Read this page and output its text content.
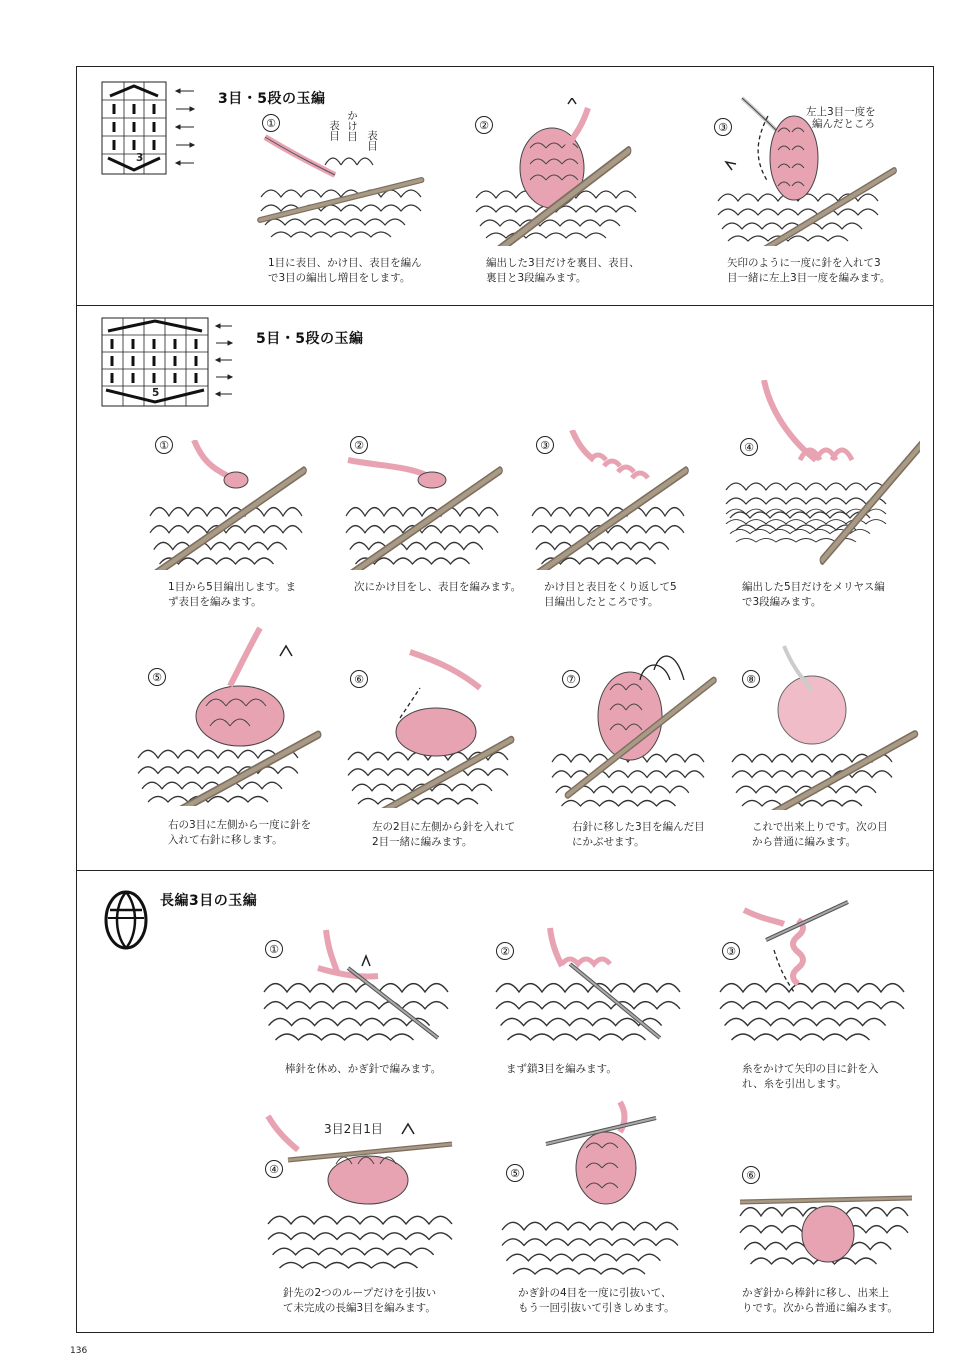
3
3目・5段の玉編
①	表目 かけ目 表目
1目に表目、かけ目、表目を編ん
で3目の編出し増目をします。
②
編出した3目だけを裏目、表目、
裏目と3段編みます。
③
左上3目一度を
編んだところ
矢印のように一度に針を入れて3
目一緒に左上3目一度を編みます。
5
5目・5段の玉編
①
1目から5目編出します。ま
ず表目を編みます。
②
次にかけ目をし、表目を編みます。
③
かけ目と表目をくり返して5
目編出したところです。
④
編出した5目だけをメリヤス編
で3段編みます。
⑤
右の3目に左側から一度に針を
入れて右針に移します。
⑥
左の2目に左側から針を入れて
2目一緒に編みます。
⑦
右針に移した3目を編んだ目
にかぶせます。
⑧
これで出来上りです。次の目
から普通に編みます。
長編3目の玉編
①
棒針を休め、かぎ針で編みます。
②
まず鎖3目を編みます。
③
糸をかけて矢印の目に針を入
れ、糸を引出します。
④
3目2目1目
針先の2つのループだけを引抜い
て未完成の長編3目を編みます。
⑤
かぎ針の4目を一度に引抜いて、
もう一回引抜いて引きしめます。
⑥
かぎ針から棒針に移し、出来上
りです。次から普通に編みます。
136
